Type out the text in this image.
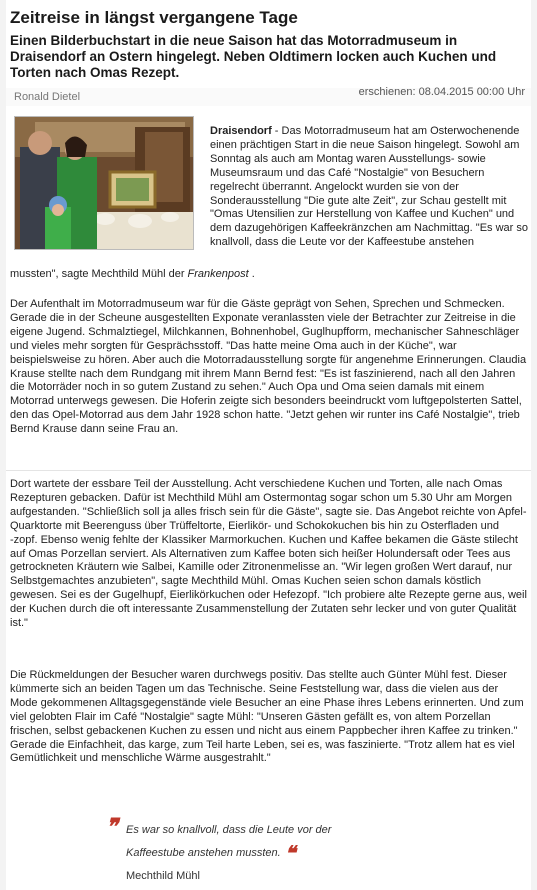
Zeitreise in längst vergangene Tage
Einen Bilderbuchstart in die neue Saison hat das Motorradmuseum in Draisendorf an Ostern hingelegt. Neben Oldtimern locken auch Kuchen und Torten nach Omas Rezept.
Ronald Dietel	erschienen: 08.04.2015 00:00 Uhr
Draisendorf - Das Motorradmuseum hat am Osterwochenende einen prächtigen Start in die neue Saison hingelegt. Sowohl am Sonntag als auch am Montag waren Ausstellungs- sowie Museumsraum und das Café "Nostalgie" von Besuchern regelrecht überrannt. Angelockt wurden sie von der Sonderausstellung "Die gute alte Zeit", zur Schau gestellt mit "Omas Utensilien zur Herstellung von Kaffee und Kuchen" und dem dazugehörigen Kaffeekränzchen am Nachmittag. "Es war so knallvoll, dass die Leute vor der Kaffeestube anstehen
mussten", sagte Mechthild Mühl der Frankenpost .
Der Aufenthalt im Motorradmuseum war für die Gäste geprägt von Sehen, Sprechen und Schmecken. Gerade die in der Scheune ausgestellten Exponate veranlassten viele der Betrachter zur Zeitreise in die eigene Jugend. Schmalztiegel, Milchkannen, Bohnenhobel, Guglhupfform, mechanischer Sahneschläger und vieles mehr sorgten für Gesprächsstoff. "Das hatte meine Oma auch in der Küche", war beispielsweise zu hören. Aber auch die Motorradausstellung sorgte für angenehme Erinnerungen. Claudia Krause stellte nach dem Rundgang mit ihrem Mann Bernd fest: "Es ist faszinierend, nach all den Jahren die Motorräder noch in so gutem Zustand zu sehen." Auch Opa und Oma seien damals mit einem Motorrad unterwegs gewesen. Die Hoferin zeigte sich besonders beeindruckt vom luftgepolsterten Sattel, den das Opel-Motorrad aus dem Jahr 1928 schon hatte. "Jetzt gehen wir runter ins Café Nostalgie", trieb Bernd Krause dann seine Frau an.
Dort wartete der essbare Teil der Ausstellung. Acht verschiedene Kuchen und Torten, alle nach Omas Rezepturen gebacken. Dafür ist Mechthild Mühl am Ostermontag sogar schon um 5.30 Uhr am Morgen aufgestanden. "Schließlich soll ja alles frisch sein für die Gäste", sagte sie. Das Angebot reichte von Apfel-Quarktorte mit Beerenguss über Trüffeltorte, Eierlikör- und Schokokuchen bis hin zu Osterfladen und
-zopf. Ebenso wenig fehlte der Klassiker Marmorkuchen. Kuchen und Kaffee bekamen die Gäste stilecht auf Omas Porzellan serviert. Als Alternativen zum Kaffee boten sich heißer Holundersaft oder Tees aus getrockneten Kräutern wie Salbei, Kamille oder Zitronenmelisse an. "Wir legen großen Wert darauf, nur Selbstgemachtes anzubieten", sagte Mechthild Mühl. Omas Kuchen seien schon damals köstlich gewesen. Sei es der Gugelhupf, Eierlikörkuchen oder Hefezopf. "Ich probiere alte Rezepte gerne aus, weil der Kuchen durch die oft interessante Zusammenstellung der Zutaten sehr lecker und von guter Qualität ist."
Die Rückmeldungen der Besucher waren durchwegs positiv. Das stellte auch Günter Mühl fest. Dieser kümmerte sich an beiden Tagen um das Technische. Seine Feststellung war, dass die vielen aus der Mode gekommenen Alltagsgegenstände viele Besucher an eine Phase ihres Lebens erinnerten. Und zum viel gelobten Flair im Café "Nostalgie" sagte Mühl: "Unseren Gästen gefällt es, von altem Porzellan frischen, selbst gebackenen Kuchen zu essen und nicht aus einem Pappbecher ihren Kaffee zu trinken." Gerade die Einfachheit, das karge, zum Teil harte Leben, sei es, was faszinierte. "Trotz allem hat es viel Gemütlichkeit und menschliche Wärme ausgestrahlt."
❞ Es war so knallvoll, dass die Leute vor der Kaffeestube anstehen mussten. ❝
Mechthild Mühl
